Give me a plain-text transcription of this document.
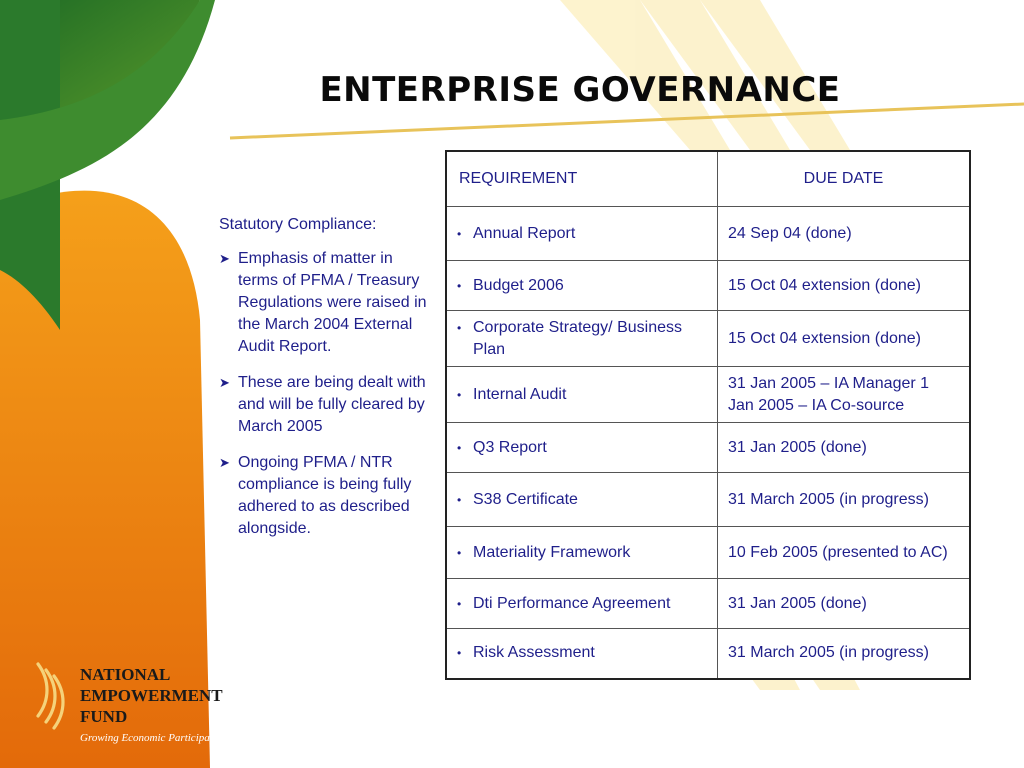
ENTERPRISE GOVERNANCE
Statutory Compliance:
➤ Emphasis of matter in terms of PFMA / Treasury Regulations were raised in the March 2004 External Audit Report.
➤ These are being dealt with and will be fully cleared by March 2005
➤ Ongoing PFMA / NTR compliance is being fully adhered to as described alongside.
REQUIREMENT	DUE DATE

• Annual Report	24 Sep 04 (done)

• Budget 2006	15 Oct 04 extension (done)

• Corporate Strategy/ Business Plan	15 Oct 04 extension (done)

• Internal Audit	31 Jan 2005 – IA Manager 1 Jan 2005 – IA Co-source

• Q3 Report	31 Jan 2005 (done)

• S38 Certificate	31 March 2005 (in progress)

• Materiality Framework	10 Feb 2005 (presented to AC)

• Dti Performance Agreement	31 Jan 2005 (done)

• Risk Assessment	31 March 2005 (in progress)
NATIONAL
EMPOWERMENT
FUND
Growing Economic Participation
